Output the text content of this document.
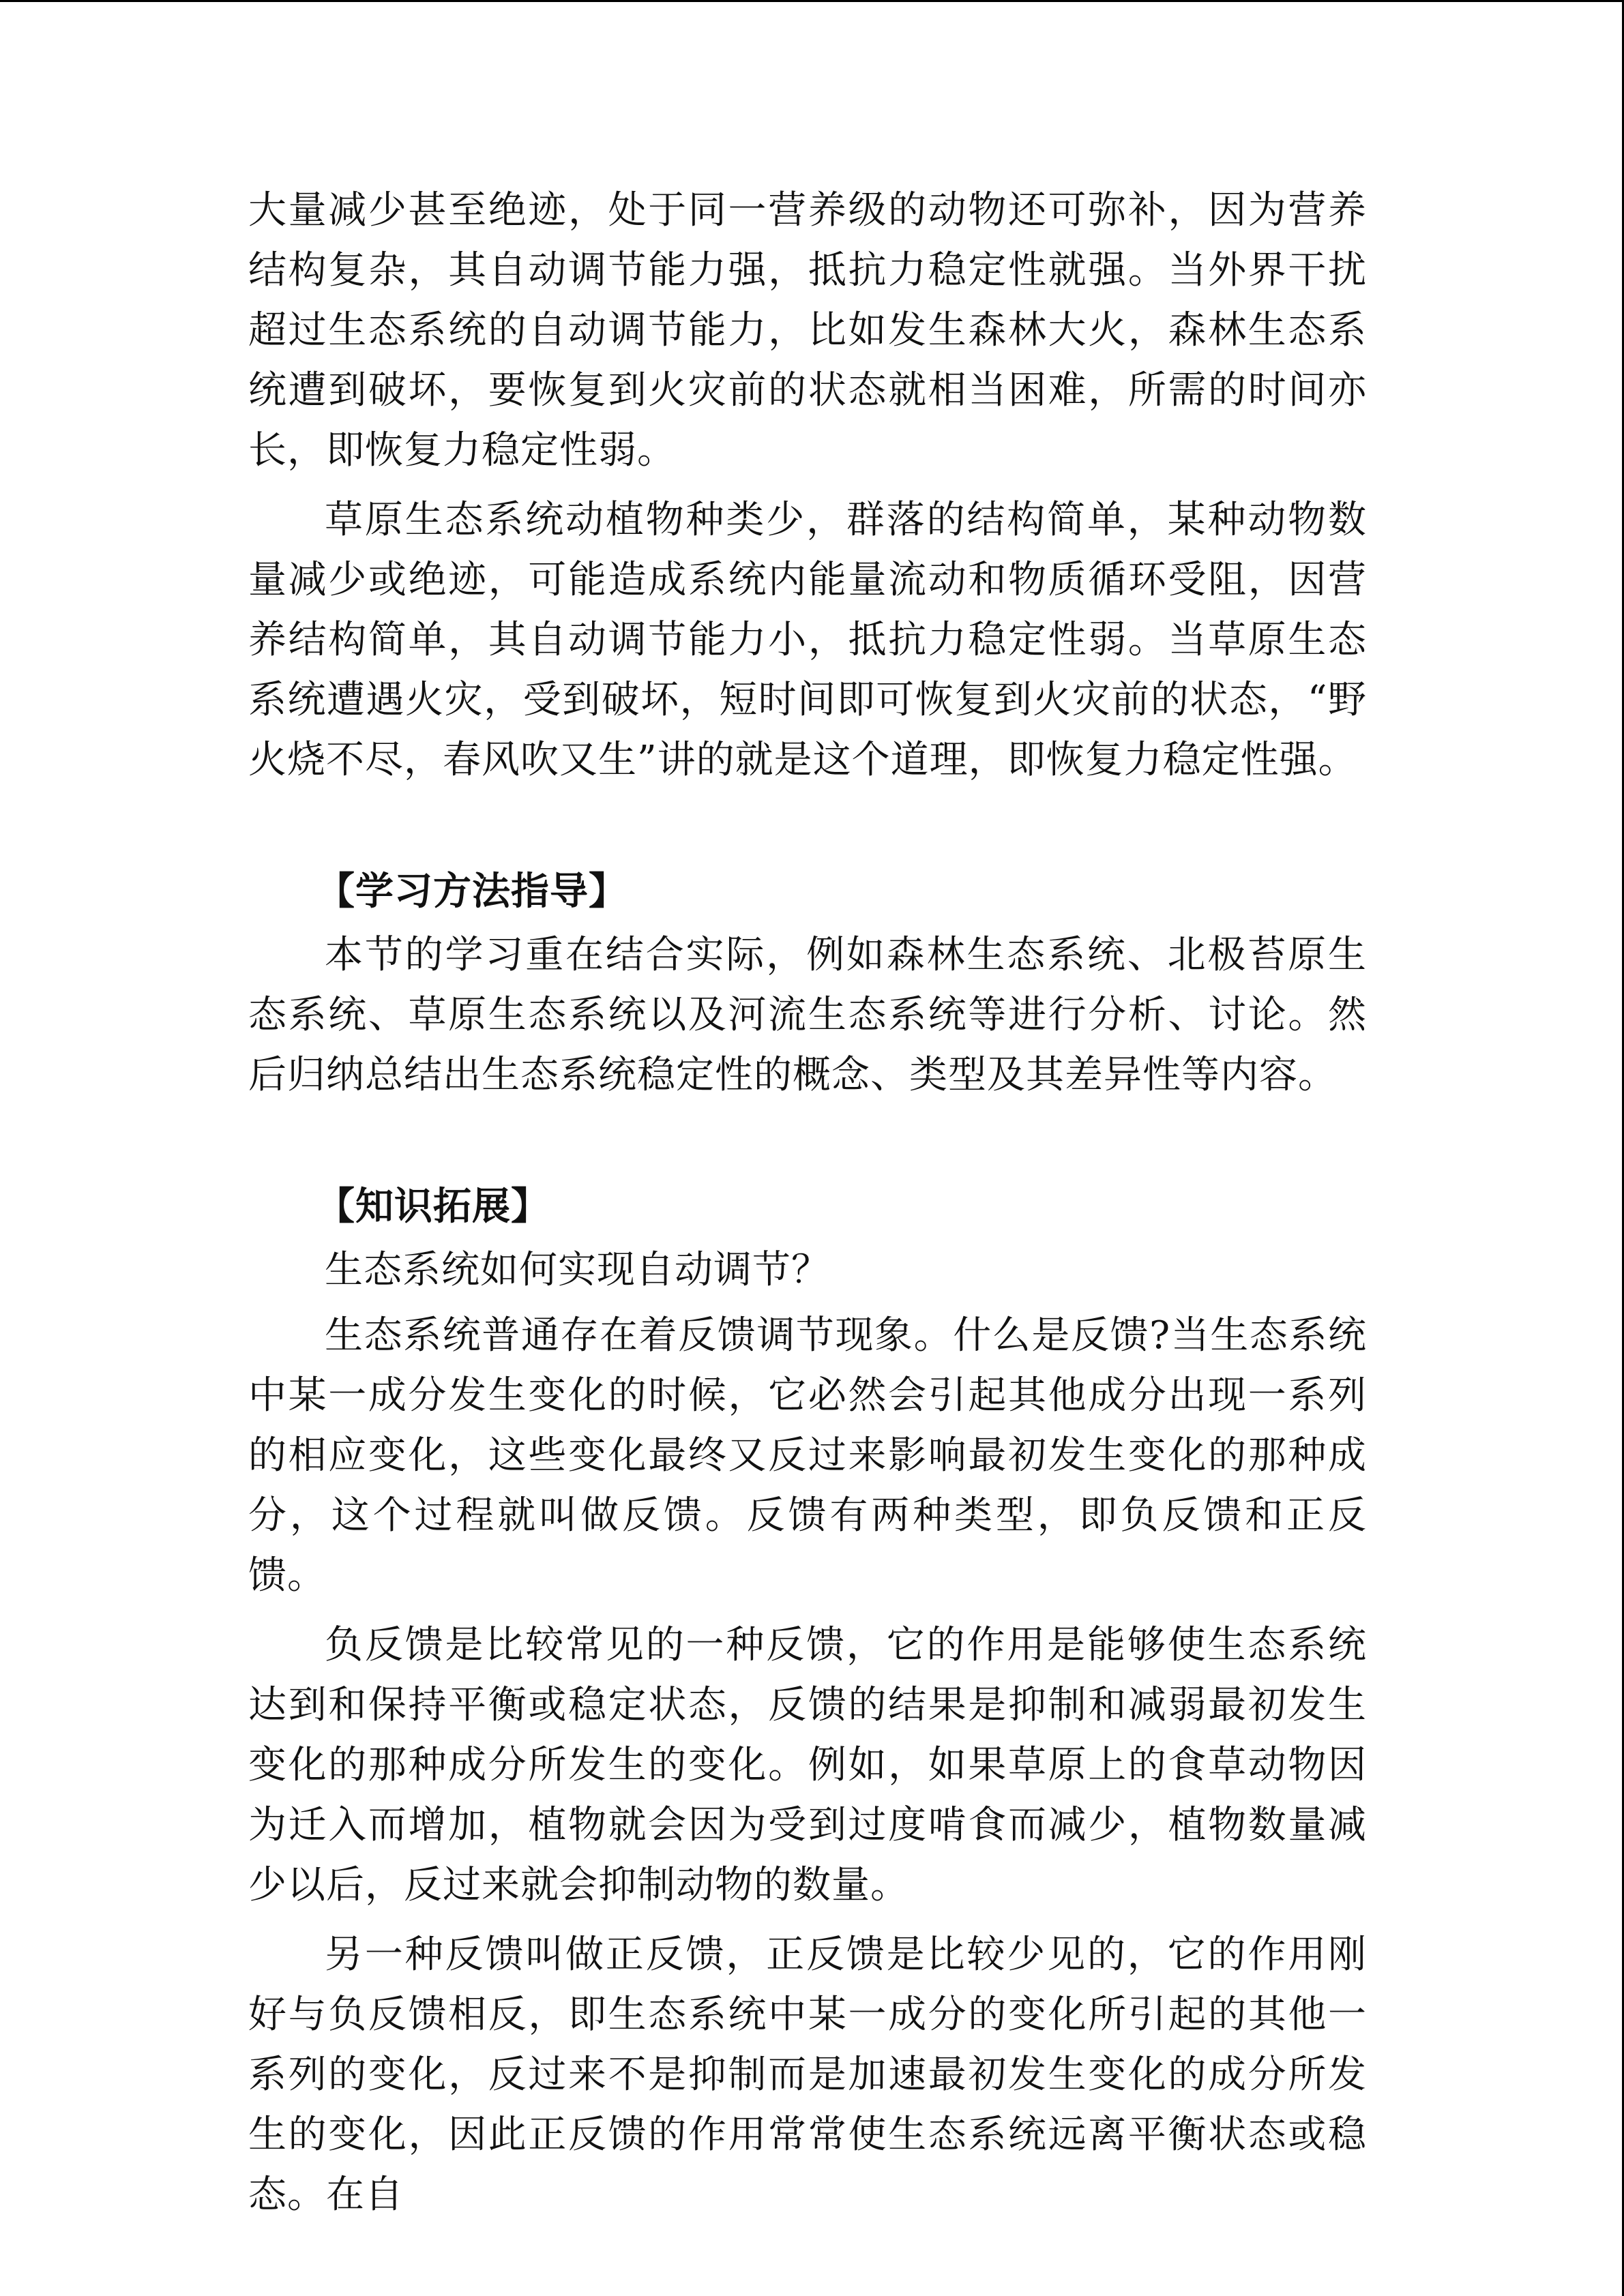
大量减少甚至绝迹，处于同一营养级的动物还可弥补，因为营养结构复杂，其自动调节能力强，抵抗力稳定性就强。当外界干扰超过生态系统的自动调节能力，比如发生森林大火，森林生态系统遭到破坏，要恢复到火灾前的状态就相当困难，所需的时间亦长，即恢复力稳定性弱。

草原生态系统动植物种类少，群落的结构简单，某种动物数量减少或绝迹，可能造成系统内能量流动和物质循环受阻，因营养结构简单，其自动调节能力小，抵抗力稳定性弱。当草原生态系统遭遇火灾，受到破坏，短时间即可恢复到火灾前的状态，“野火烧不尽，春风吹又生”讲的就是这个道理，即恢复力稳定性强。

【学习方法指导】

本节的学习重在结合实际，例如森林生态系统、北极苔原生态系统、草原生态系统以及河流生态系统等进行分析、讨论。然后归纳总结出生态系统稳定性的概念、类型及其差异性等内容。

【知识拓展】
生态系统如何实现自动调节？

生态系统普通存在着反馈调节现象。什么是反馈?当生态系统中某一成分发生变化的时候，它必然会引起其他成分出现一系列的相应变化，这些变化最终又反过来影响最初发生变化的那种成分，这个过程就叫做反馈。反馈有两种类型，即负反馈和正反馈。

负反馈是比较常见的一种反馈，它的作用是能够使生态系统达到和保持平衡或稳定状态，反馈的结果是抑制和减弱最初发生变化的那种成分所发生的变化。例如，如果草原上的食草动物因为迁入而增加，植物就会因为受到过度啃食而减少，植物数量减少以后，反过来就会抑制动物的数量。

另一种反馈叫做正反馈，正反馈是比较少见的，它的作用刚好与负反馈相反，即生态系统中某一成分的变化所引起的其他一系列的变化，反过来不是抑制而是加速最初发生变化的成分所发生的变化，因此正反馈的作用常常使生态系统远离平衡状态或稳态。在自
